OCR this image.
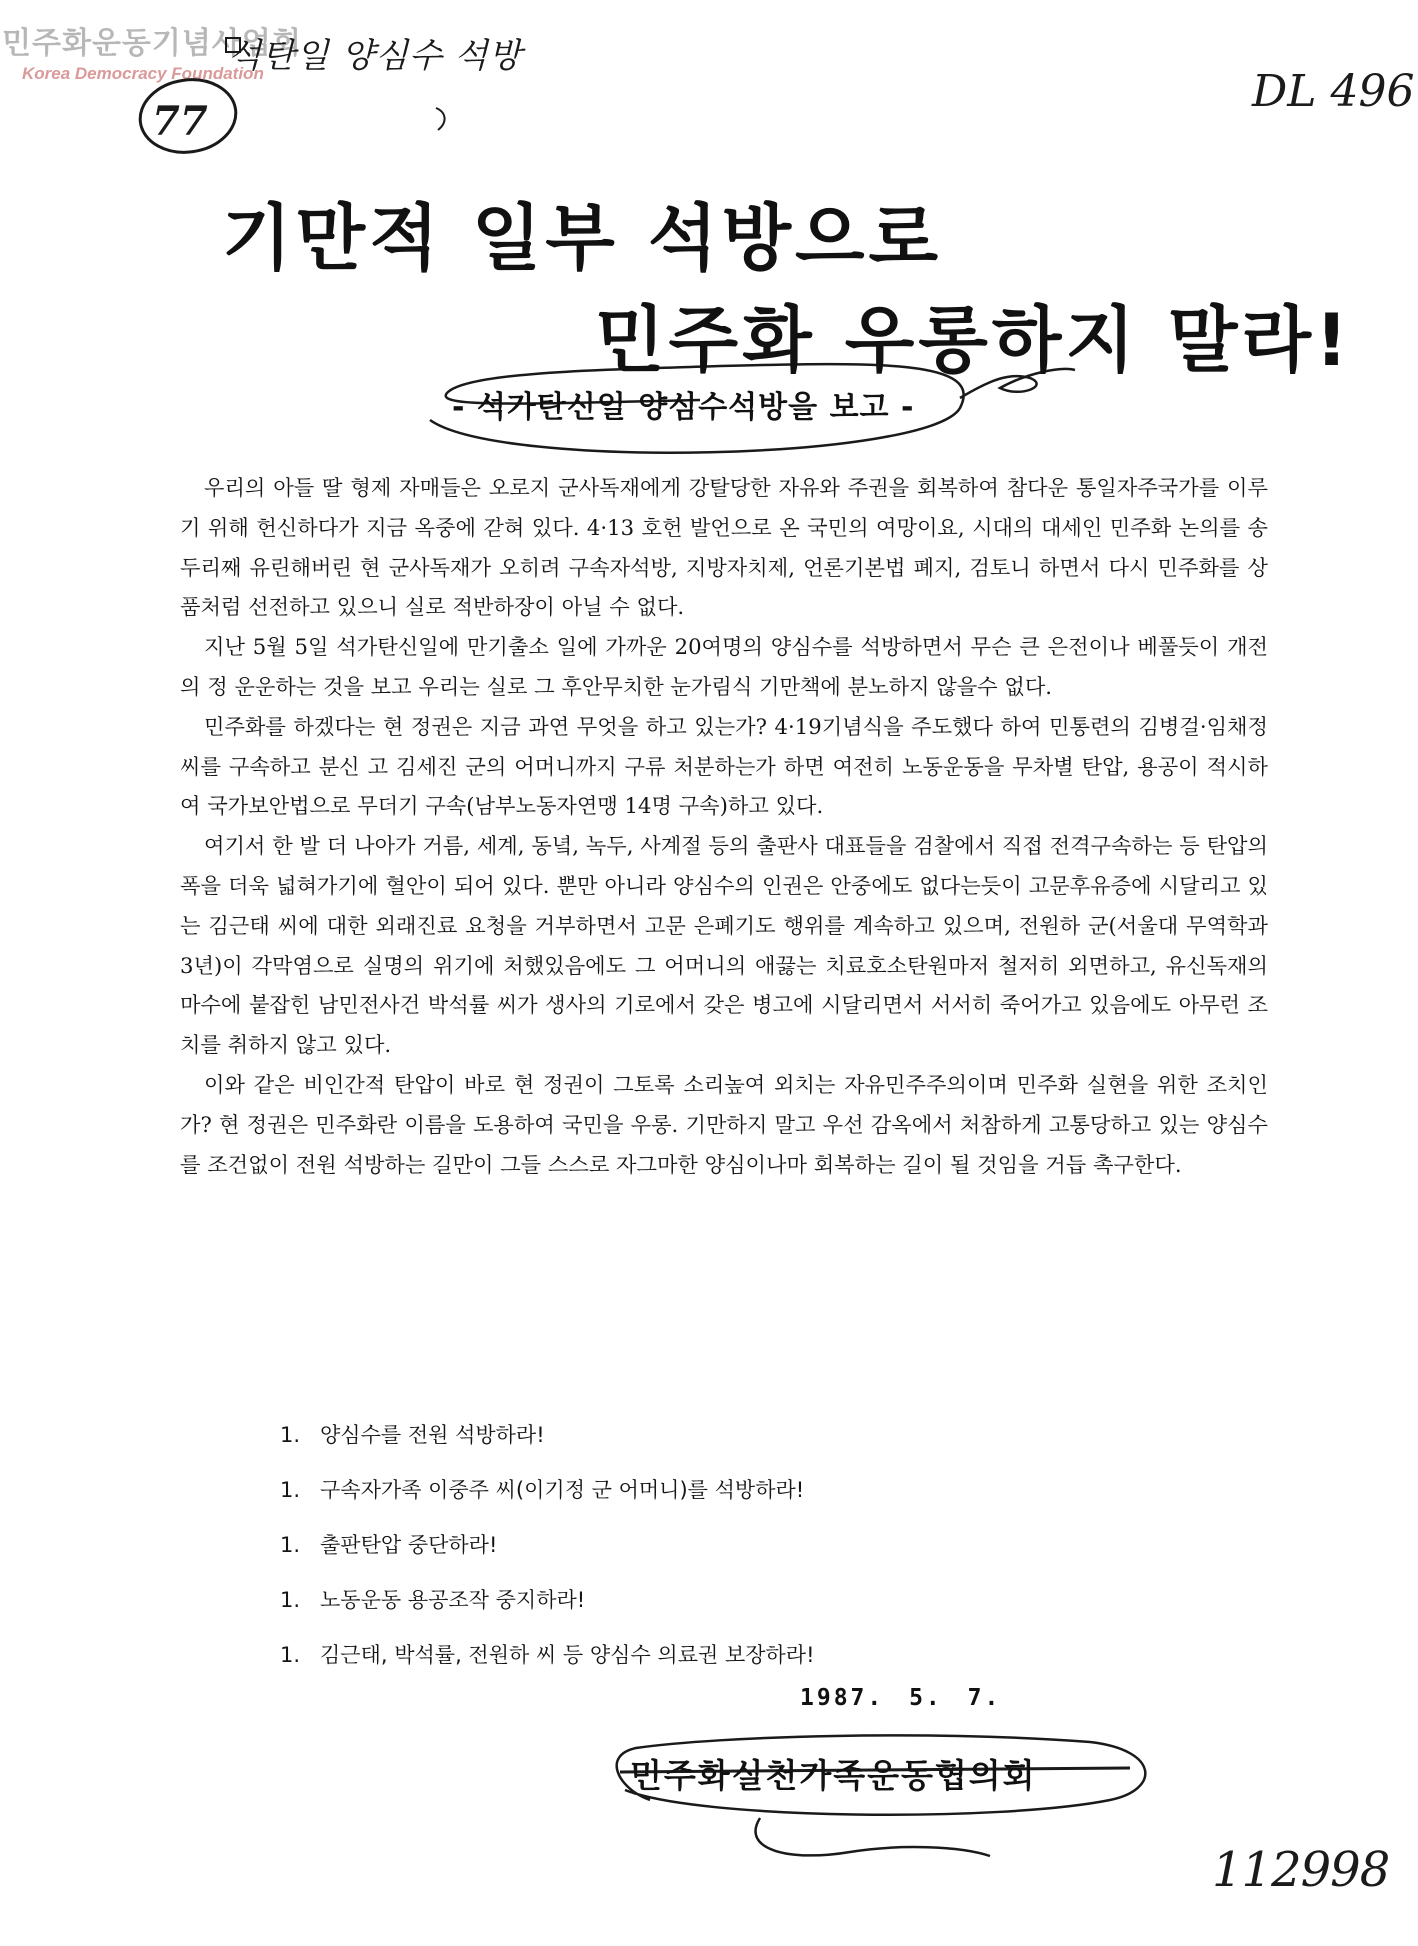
민주화운동기념사업회
Korea Democracy Foundation
석탄일 양심수 석방
77
DL 496
기만적 일부 석방으로
민주화 우롱하지 말라!
- 석가탄신일 양심수석방을 보고 -

우리의 아들 딸 형제 자매들은 오로지 군사독재에게 강탈당한 자유와 주권을 회복하여 참다운 통일자주국가를 이루기 위해 헌신하다가 지금 옥중에 갇혀 있다. 4·13 호헌 발언으로 온 국민의 여망이요, 시대의 대세인 민주화 논의를 송두리째 유린해버린 현 군사독재가 오히려 구속자석방, 지방자치제, 언론기본법 폐지, 검토니 하면서 다시 민주화를 상품처럼 선전하고 있으니 실로 적반하장이 아닐 수 없다.

지난 5월 5일 석가탄신일에 만기출소 일에 가까운 20여명의 양심수를 석방하면서 무슨 큰 은전이나 베풀듯이 개전의 정 운운하는 것을 보고 우리는 실로 그 후안무치한 눈가림식 기만책에 분노하지 않을수 없다.

민주화를 하겠다는 현 정권은 지금 과연 무엇을 하고 있는가? 4·19기념식을 주도했다 하여 민통련의 김병걸·임채정 씨를 구속하고 분신 고 김세진 군의 어머니까지 구류 처분하는가 하면 여전히 노동운동을 무차별 탄압, 용공이 적시하여 국가보안법으로 무더기 구속(남부노동자연맹 14명 구속)하고 있다.

여기서 한 발 더 나아가 거름, 세계, 동녘, 녹두, 사계절 등의 출판사 대표들을 검찰에서 직접 전격구속하는 등 탄압의 폭을 더욱 넓혀가기에 혈안이 되어 있다. 뿐만 아니라 양심수의 인권은 안중에도 없다는듯이 고문후유증에 시달리고 있는 김근태 씨에 대한 외래진료 요청을 거부하면서 고문 은폐기도 행위를 계속하고 있으며, 전원하 군(서울대 무역학과 3년)이 각막염으로 실명의 위기에 처했있음에도 그 어머니의 애끓는 치료호소탄원마저 철저히 외면하고, 유신독재의 마수에 붙잡힌 남민전사건 박석률 씨가 생사의 기로에서 갖은 병고에 시달리면서 서서히 죽어가고 있음에도 아무런 조치를 취하지 않고 있다.

이와 같은 비인간적 탄압이 바로 현 정권이 그토록 소리높여 외치는 자유민주주의이며 민주화 실현을 위한 조치인가? 현 정권은 민주화란 이름을 도용하여 국민을 우롱. 기만하지 말고 우선 감옥에서 처참하게 고통당하고 있는 양심수를 조건없이 전원 석방하는 길만이 그들 스스로 자그마한 양심이나마 회복하는 길이 될 것임을 거듭 촉구한다.

1. 양심수를 전원 석방하라!
1. 구속자가족 이중주 씨(이기정 군 어머니)를 석방하라!
1. 출판탄압 중단하라!
1. 노동운동 용공조작 중지하라!
1. 김근태, 박석률, 전원하 씨 등 양심수 의료권 보장하라!
1987. 5. 7.
민주화실천가족운동협의회
112998
